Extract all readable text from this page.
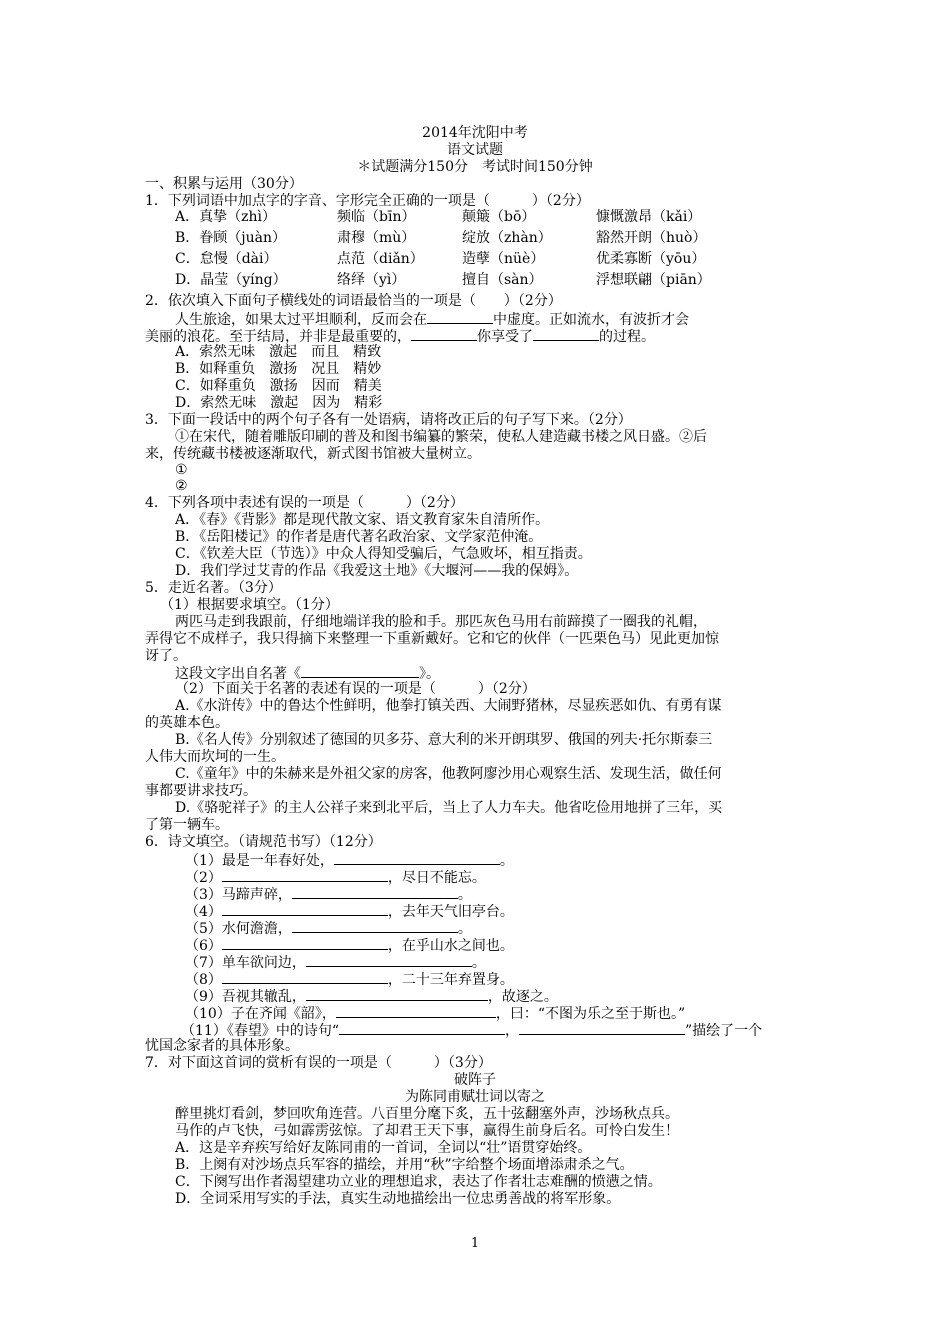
2014年沈阳中考
语文试题
＊试题满分150分　考试时间150分钟
一、积累与运用（30分）
1．下列词语中加点字的字音、字形完全正确的一项是（　　　）（2分）
A．真挚（zhì）	频临（bīn）	颠簸（bō）	慷慨激昂（kǎi）
B．眷顾（juàn）	肃穆（mù）	绽放（zhàn）	豁然开朗（huò）
C．怠慢（dài）	点范（diǎn）	造孽（nüè）	优柔寡断（yōu）
D．晶莹（yíng）	络绎（yì）	擅自（sàn）	浮想联翩（piān）
2．依次填入下面句子横线处的词语最恰当的一项是（　　）（2分）
人生旅途，如果太过平坦顺利，反而会在	中虚度。正如流水，有波折才会
美丽的浪花。至于结局，并非是最重要的，	你享受了	的过程。
A．索然无味　激起　而且　精致
B．如释重负　激扬　况且　精妙
C．如释重负　激扬　因而　精美
D．索然无味　激起　因为　精彩
3．下面一段话中的两个句子各有一处语病，请将改正后的句子写下来。（2分）
①在宋代，随着雕版印刷的普及和图书编纂的繁荣，使私人建造藏书楼之风日盛。②后
来，传统藏书楼被逐渐取代，新式图书馆被大量树立。
①
②
4．下列各项中表述有误的一项是（　　　）（2分）
A．《春》《背影》都是现代散文家、语文教育家朱自清所作。
B．《岳阳楼记》的作者是唐代著名政治家、文学家范仲淹。
C．《钦差大臣（节选）》中众人得知受骗后，气急败坏，相互指责。
D．我们学过艾青的作品《我爱这土地》《大堰河——我的保姆》。
5．走近名著。（3分）
（1）根据要求填空。（1分）
两匹马走到我跟前，仔细地端详我的脸和手。那匹灰色马用右前蹄摸了一圈我的礼帽，
弄得它不成样子，我只得摘下来整理一下重新戴好。它和它的伙伴（一匹栗色马）见此更加惊
讶了。
这段文字出自名著《	》。
（2）下面关于名著的表述有误的一项是（　　　）（2分）
A.《水浒传》中的鲁达个性鲜明，他拳打镇关西、大闹野猪林，尽显疾恶如仇、有勇有谋
的英雄本色。
B.《名人传》分别叙述了德国的贝多芬、意大利的米开朗琪罗、俄国的列夫·托尔斯泰三
人伟大而坎坷的一生。
C.《童年》中的朱赫来是外祖父家的房客，他教阿廖沙用心观察生活、发现生活，做任何
事都要讲求技巧。
D.《骆驼祥子》的主人公祥子来到北平后，当上了人力车夫。他省吃俭用地拼了三年，买
了第一辆车。
6．诗文填空。（请规范书写）（12分）
（1）最是一年春好处，	。
（2）	，尽日不能忘。
（3）马蹄声碎，	。
（4）	，去年天气旧亭台。
（5）水何澹澹，	。
（6）	，在乎山水之间也。
（7）单车欲问边，	。
（8）	，二十三年弃置身。
（9）吾视其辙乱，	，故逐之。
（10）子在齐闻《韶》，	，曰：“不图为乐之至于斯也。”
（11）《春望》中的诗句“	，	”描绘了一个
忧国念家者的具体形象。
7．对下面这首词的赏析有误的一项是（　　　）（3分）
破阵子
为陈同甫赋壮词以寄之
醉里挑灯看剑，梦回吹角连营。八百里分麾下炙，五十弦翻塞外声，沙场秋点兵。
马作的卢飞快，弓如霹雳弦惊。了却君王天下事，赢得生前身后名。可怜白发生！
A．这是辛弃疾写给好友陈同甫的一首词，全词以“壮”语贯穿始终。
B．上阕有对沙场点兵军容的描绘，并用“秋”字给整个场面增添肃杀之气。
C．下阕写出作者渴望建功立业的理想追求，表达了作者壮志难酬的愤懑之情。
D．全词采用写实的手法，真实生动地描绘出一位忠勇善战的将军形象。
1
